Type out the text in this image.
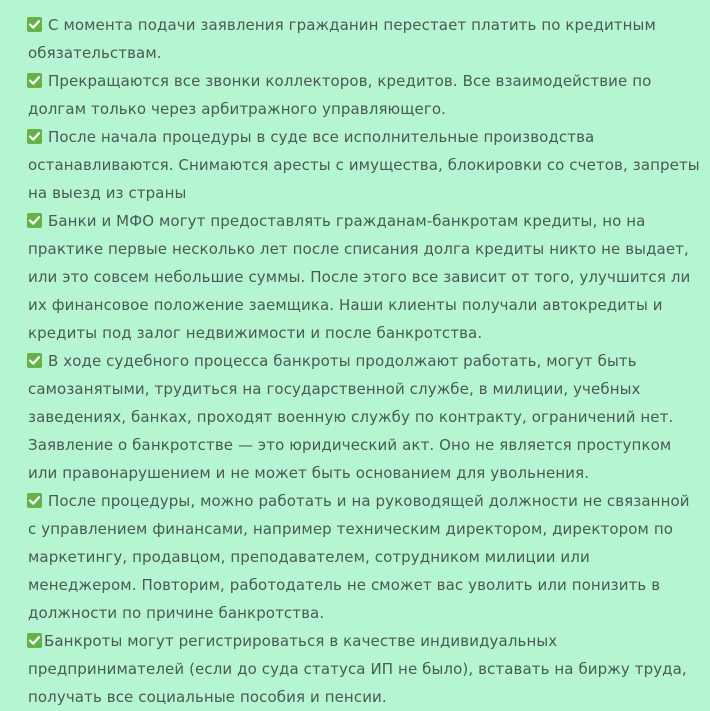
С момента подачи заявления гражданин перестает платить по кредитным обязательствам.
Прекращаются все звонки коллекторов, кредитов. Все взаимодействие по долгам только через арбитражного управляющего.
После начала процедуры в суде все исполнительные производства останавливаются. Снимаются аресты с имущества, блокировки со счетов, запреты на выезд из страны
Банки и МФО могут предоставлять гражданам-банкротам кредиты, но на практике первые несколько лет после списания долга кредиты никто не выдает, или это совсем небольшие суммы. После этого все зависит от того, улучшится ли их финансовое положение заемщика. Наши клиенты получали автокредиты и кредиты под залог недвижимости и после банкротства.
В ходе судебного процесса банкроты продолжают работать, могут быть самозанятыми, трудиться на государственной службе, в милиции, учебных заведениях, банках, проходят военную службу по контракту, ограничений нет. Заявление о банкротстве — это юридический акт. Оно не является проступком или правонарушением и не может быть основанием для увольнения.
После процедуры, можно работать и на руководящей должности не связанной с управлением финансами, например техническим директором, директором по маркетингу, продавцом, преподавателем, сотрудником милиции или менеджером. Повторим, работодатель не сможет вас уволить или понизить в должности по причине банкротства.
Банкроты могут регистрироваться в качестве индивидуальных предпринимателей (если до суда статуса ИП не было), вставать на биржу труда, получать все социальные пособия и пенсии.
